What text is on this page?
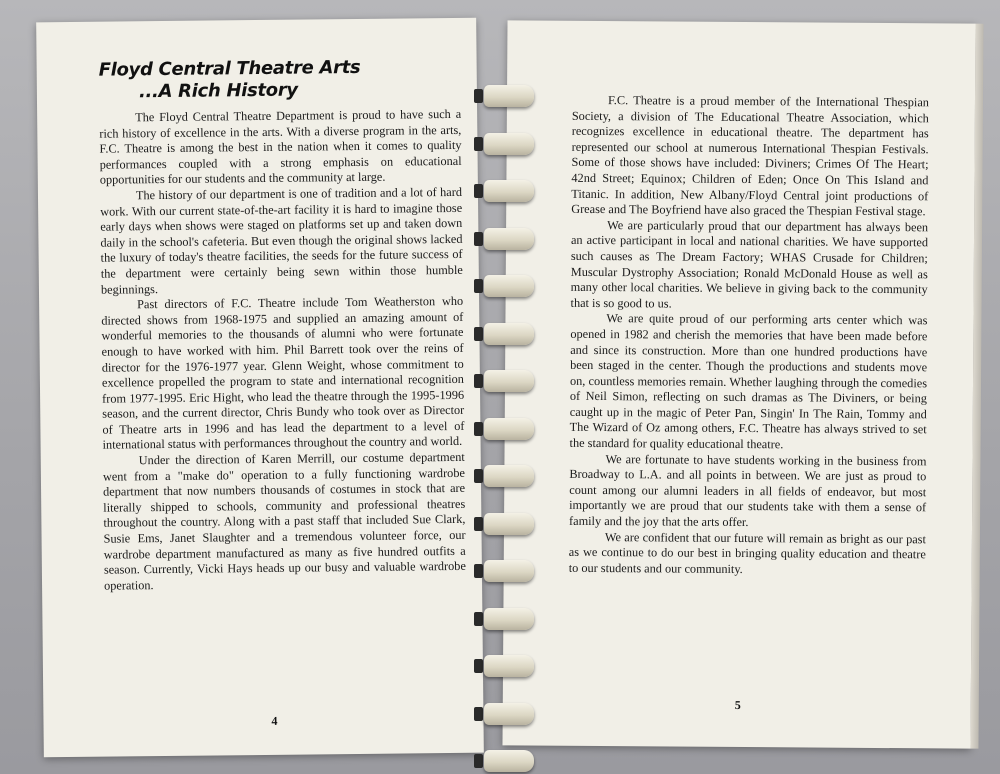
Floyd Central Theatre Arts
...A Rich History

The Floyd Central Theatre Department is proud to have such a rich history of excellence in the arts. With a diverse program in the arts, F.C. Theatre is among the best in the nation when it comes to quality performances coupled with a strong emphasis on educational opportunities for our students and the community at large.

The history of our department is one of tradition and a lot of hard work. With our current state-of-the-art facility it is hard to imagine those early days when shows were staged on platforms set up and taken down daily in the school's cafeteria. But even though the original shows lacked the luxury of today's theatre facilities, the seeds for the future success of the department were certainly being sewn within those humble beginnings.

Past directors of F.C. Theatre include Tom Weatherston who directed shows from 1968-1975 and supplied an amazing amount of wonderful memories to the thousands of alumni who were fortunate enough to have worked with him. Phil Barrett took over the reins of director for the 1976-1977 year. Glenn Weight, whose commitment to excellence propelled the program to state and international recognition from 1977-1995. Eric Hight, who lead the theatre through the 1995-1996 season, and the current director, Chris Bundy who took over as Director of Theatre arts in 1996 and has lead the department to a level of international status with performances throughout the country and world.

Under the direction of Karen Merrill, our costume department went from a "make do" operation to a fully functioning wardrobe department that now numbers thousands of costumes in stock that are literally shipped to schools, community and professional theatres throughout the country. Along with a past staff that included Sue Clark, Susie Ems, Janet Slaughter and a tremendous volunteer force, our wardrobe department manufactured as many as five hundred outfits a season. Currently, Vicki Hays heads up our busy and valuable wardrobe operation.

4

F.C. Theatre is a proud member of the International Thespian Society, a division of The Educational Theatre Association, which recognizes excellence in educational theatre. The department has represented our school at numerous International Thespian Festivals. Some of those shows have included: Diviners; Crimes Of The Heart; 42nd Street; Equinox; Children of Eden; Once On This Island and Titanic. In addition, New Albany/Floyd Central joint productions of Grease and The Boyfriend have also graced the Thespian Festival stage.

We are particularly proud that our department has always been an active participant in local and national charities. We have supported such causes as The Dream Factory; WHAS Crusade for Children; Muscular Dystrophy Association; Ronald McDonald House as well as many other local charities. We believe in giving back to the community that is so good to us.

We are quite proud of our performing arts center which was opened in 1982 and cherish the memories that have been made before and since its construction. More than one hundred productions have been staged in the center. Though the productions and students move on, countless memories remain. Whether laughing through the comedies of Neil Simon, reflecting on such dramas as The Diviners, or being caught up in the magic of Peter Pan, Singin' In The Rain, Tommy and The Wizard of Oz among others, F.C. Theatre has always strived to set the standard for quality educational theatre.

We are fortunate to have students working in the business from Broadway to L.A. and all points in between. We are just as proud to count among our alumni leaders in all fields of endeavor, but most importantly we are proud that our students take with them a sense of family and the joy that the arts offer.

We are confident that our future will remain as bright as our past as we continue to do our best in bringing quality education and theatre to our students and our community.

5
